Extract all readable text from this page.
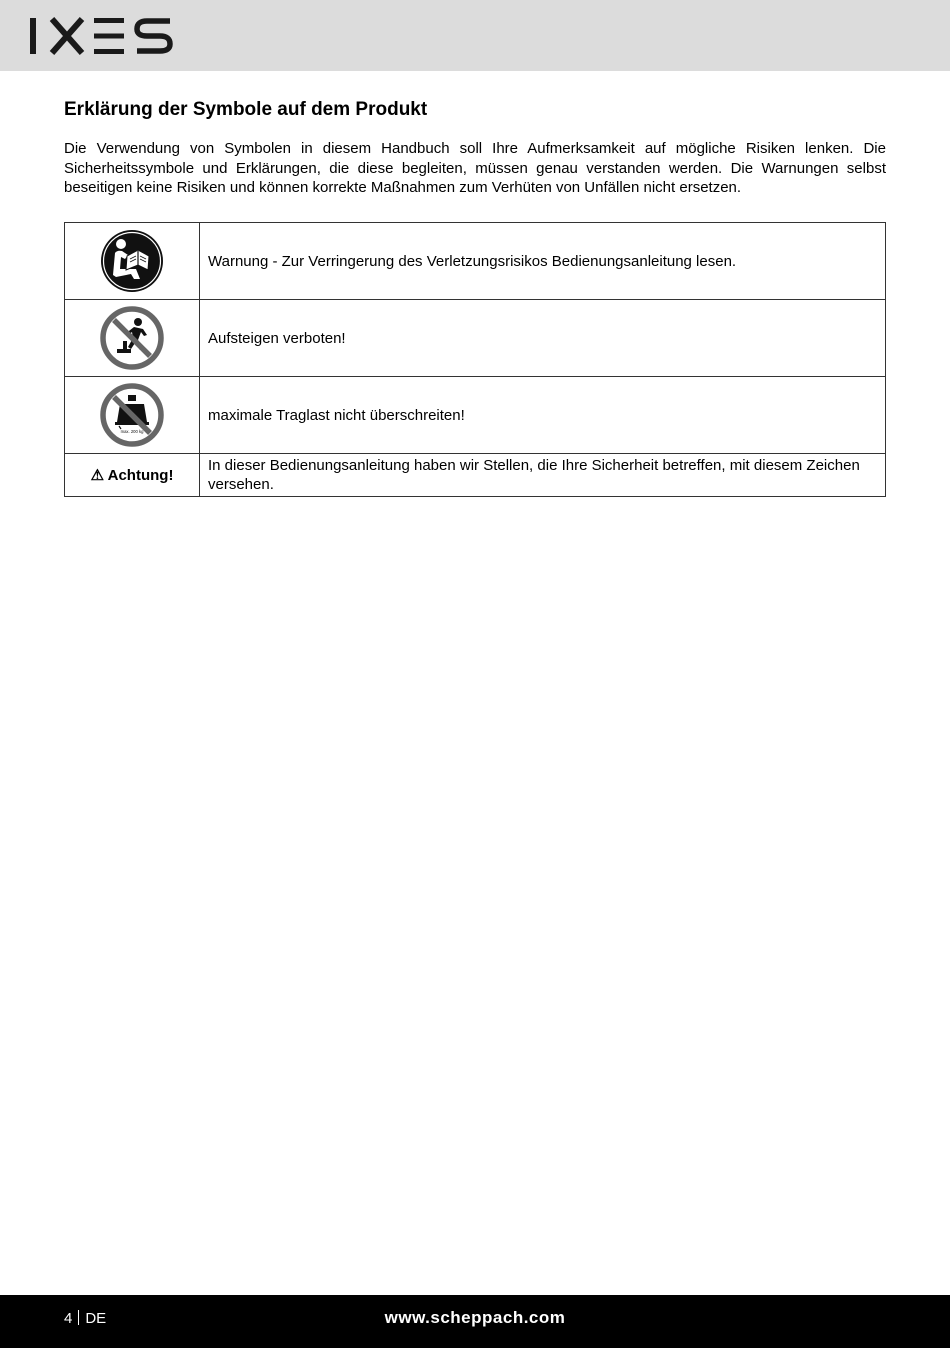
Erklärung der Symbole auf dem Produkt

Die Verwendung von Symbolen in diesem Handbuch soll Ihre Aufmerksamkeit auf mögliche Risiken lenken. Die Sicherheitssymbole und Erklärungen, die diese begleiten, müssen genau verstanden werden. Die Warnungen selbst beseitigen keine Risiken und können korrekte Maßnahmen zum Verhüten von Unfällen nicht ersetzen.

	Warnung - Zur Verringerung des Verletzungsrisikos Bedienungsanleitung lesen.

	Aufsteigen verboten!

max. 200 kg	maximale Traglast nicht überschreiten!
⚠ Achtung!	In dieser Bedienungsanleitung haben wir Stellen, die Ihre Sicherheit betreffen, mit diesem Zeichen versehen.
4 DE	www.scheppach.com
